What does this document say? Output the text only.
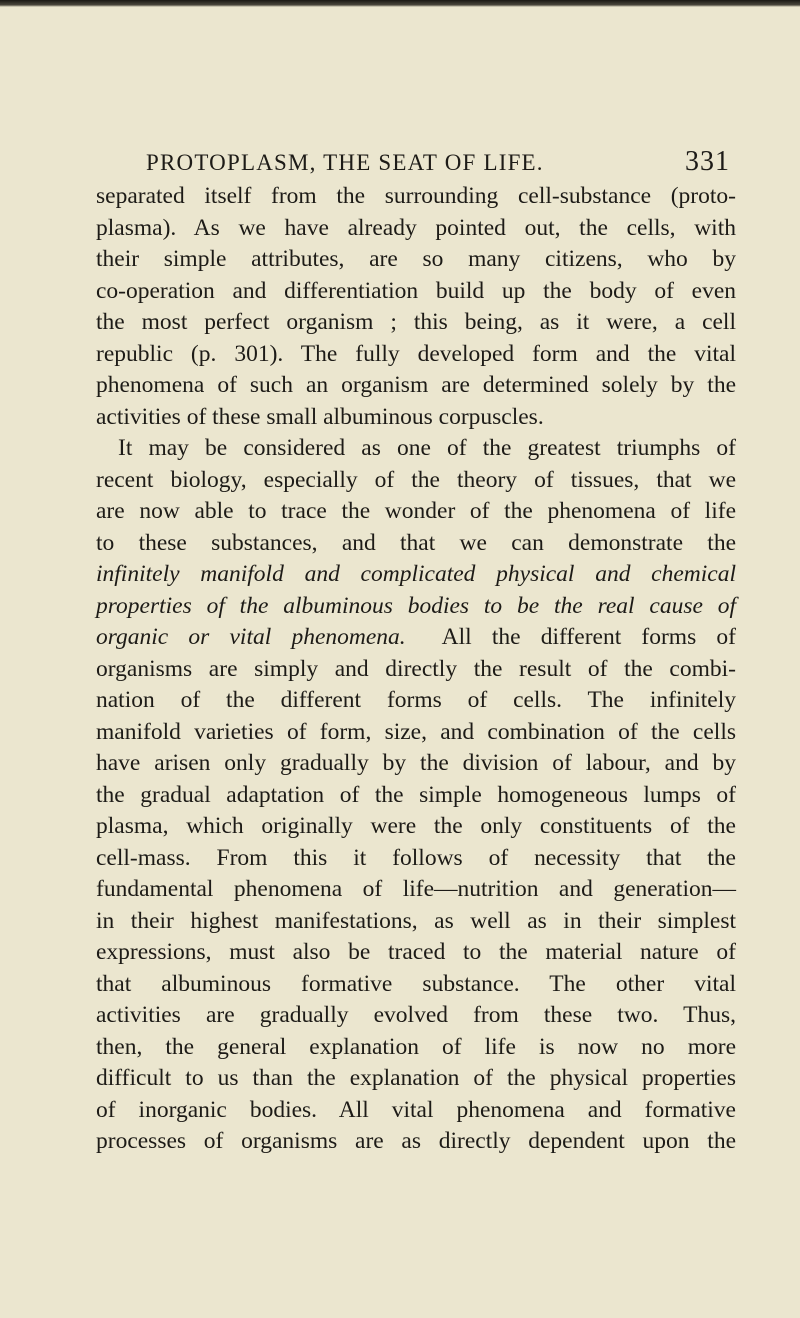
PROTOPLASM, THE SEAT OF LIFE.	331
separated itself from the surrounding cell-substance (proto-
plasma). As we have already pointed out, the cells, with
their simple attributes, are so many citizens, who by
co-operation and differentiation build up the body of even
the most perfect organism ; this being, as it were, a cell
republic (p. 301). The fully developed form and the vital
phenomena of such an organism are determined solely by the
activities of these small albuminous corpuscles.
It may be considered as one of the greatest triumphs of
recent biology, especially of the theory of tissues, that we
are now able to trace the wonder of the phenomena of life
to these substances, and that we can demonstrate the
infinitely manifold and complicated physical and chemical
properties of the albuminous bodies to be the real cause of
organic or vital phenomena. All the different forms of
organisms are simply and directly the result of the combi-
nation of the different forms of cells. The infinitely
manifold varieties of form, size, and combination of the cells
have arisen only gradually by the division of labour, and by
the gradual adaptation of the simple homogeneous lumps of
plasma, which originally were the only constituents of the
cell-mass. From this it follows of necessity that the
fundamental phenomena of life—nutrition and generation—
in their highest manifestations, as well as in their simplest
expressions, must also be traced to the material nature of
that albuminous formative substance. The other vital
activities are gradually evolved from these two. Thus,
then, the general explanation of life is now no more
difficult to us than the explanation of the physical properties
of inorganic bodies. All vital phenomena and formative
processes of organisms are as directly dependent upon the
